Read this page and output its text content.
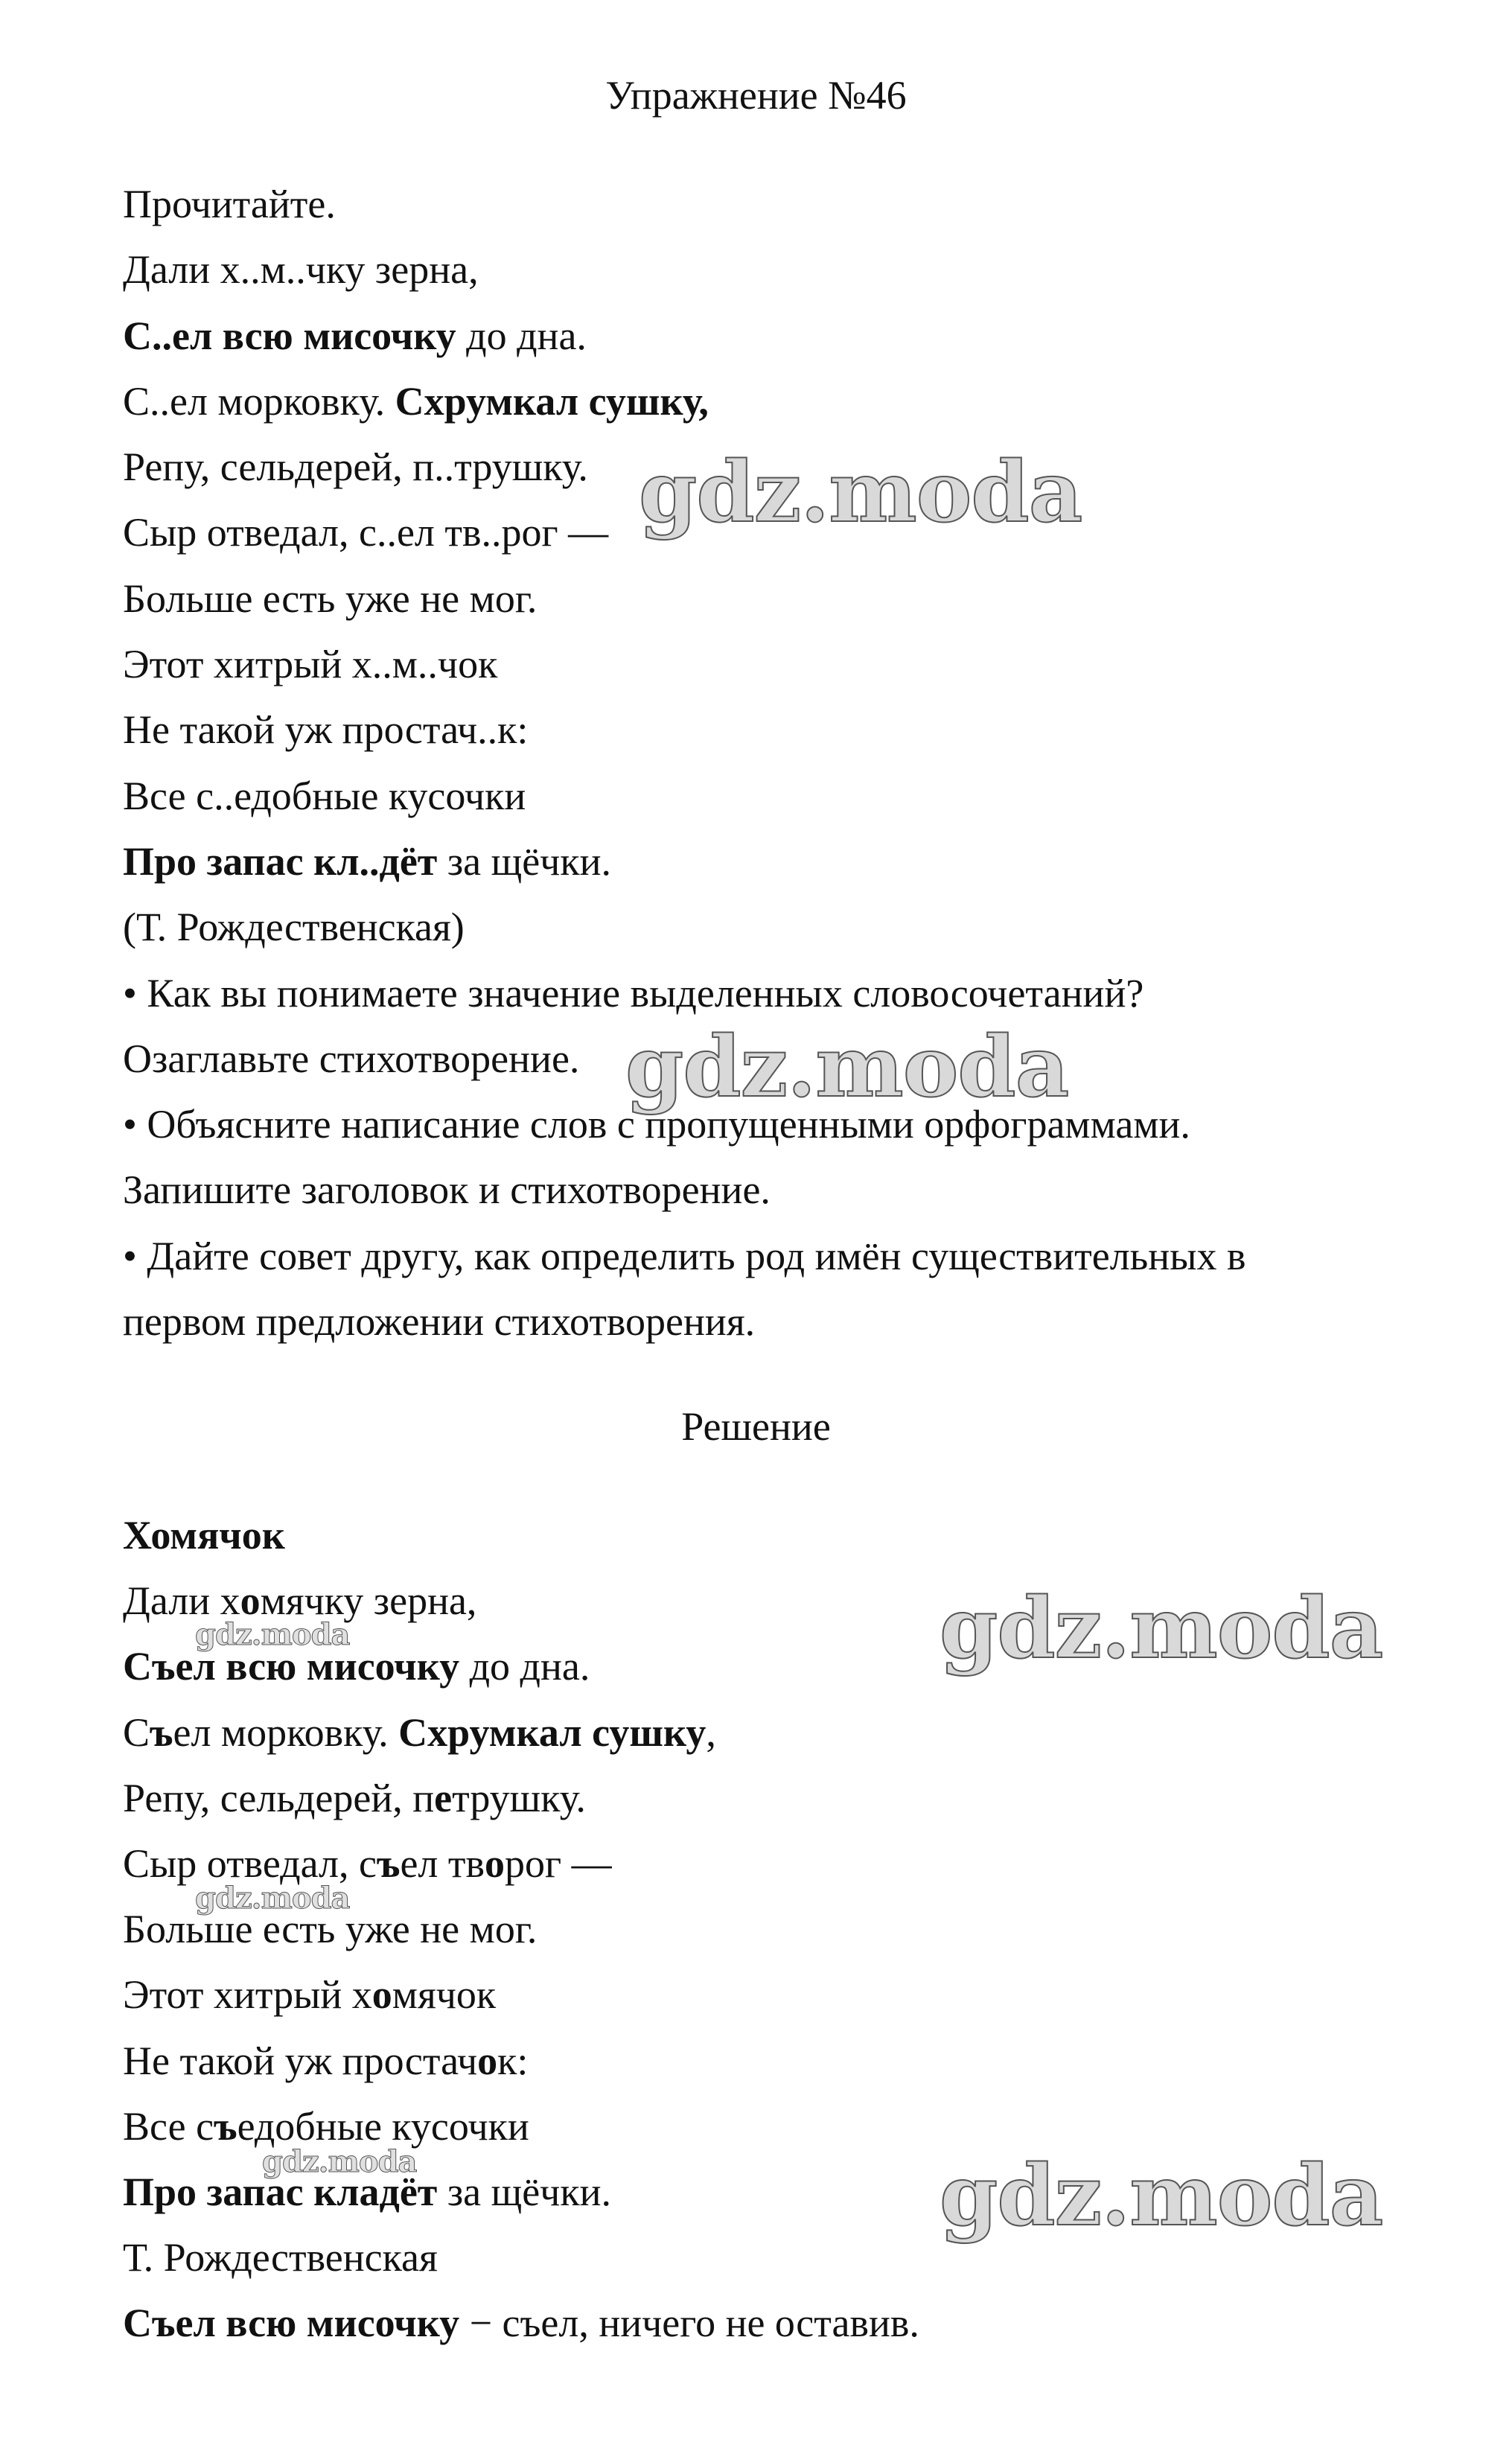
Упражнение №46
Прочитайте.
Дали х..м..чку зерна,
С..ел всю мисочку до дна.
С..ел морковку. Схрумкал сушку,
Репу, сельдерей, п..трушку.
Сыр отведал, с..ел тв..рог —
Больше есть уже не мог.
Этот хитрый х..м..чок
Не такой уж простач..к:
Все с..едобные кусочки
Про запас кл..дёт за щёчки.
(Т. Рождественская)
• Как вы понимаете значение выделенных словосочетаний?
Озаглавьте стихотворение.
• Объясните написание слов с пропущенными орфограммами.
Запишите заголовок и стихотворение.
• Дайте совет другу, как определить род имён существительных в
первом предложении стихотворения.
Решение
Хомячок
Дали хомячку зерна,
Съел всю мисочку до дна.
Съел морковку. Схрумкал сушку,
Репу, сельдерей, петрушку.
Сыр отведал, съел творог —
Больше есть уже не мог.
Этот хитрый хомячок
Не такой уж простачок:
Все съедобные кусочки
Про запас кладёт за щёчки.
Т. Рождественская
Съел всю мисочку − съел, ничего не оставив.
gdz.moda
gdz.moda
gdz.moda
gdz.moda
gdz.moda
gdz.moda
gdz.moda
